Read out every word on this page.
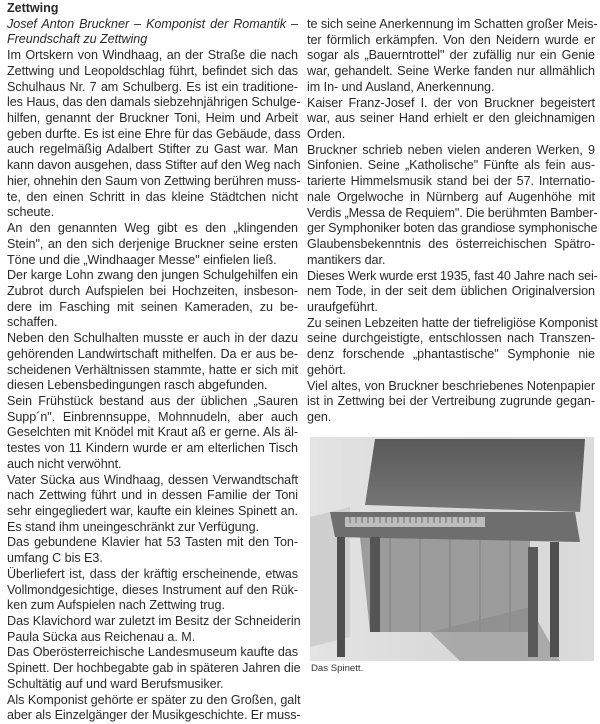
Zettwing
Josef Anton Bruckner – Komponist der Romantik –
Freundschaft zu Zettwing
Im Ortskern von Windhaag, an der Straße die nach
Zettwing und Leopoldschlag führt, befindet sich das
Schulhaus Nr. 7 am Schulberg. Es ist ein traditione-
les Haus, das den damals siebzehnjährigen Schulge-
hilfen, genannt der Bruckner Toni, Heim und Arbeit
geben durfte. Es ist eine Ehre für das Gebäude, dass
auch regelmäßig Adalbert Stifter zu Gast war. Man
kann davon ausgehen, dass Stifter auf den Weg nach
hier, ohnehin den Saum von Zettwing berühren muss-
te, den einen Schritt in das kleine Städtchen nicht
scheute.
An den genannten Weg gibt es den „klingenden
Stein", an den sich derjenige Bruckner seine ersten
Töne und die „Windhaager Messe" einfielen ließ.
Der karge Lohn zwang den jungen Schulgehilfen ein
Zubrot durch Aufspielen bei Hochzeiten, insbeson-
dere im Fasching mit seinen Kameraden, zu be-
schaffen.
Neben den Schulhalten musste er auch in der dazu
gehörenden Landwirtschaft mithelfen. Da er aus be-
scheidenen Verhältnissen stammte, hatte er sich mit
diesen Lebensbedingungen rasch abgefunden.
Sein Frühstück bestand aus der üblichen „Sauren
Supp´n". Einbrennsuppe, Mohnnudeln, aber auch
Geselchten mit Knödel mit Kraut aß er gerne. Als äl-
testes von 11 Kindern wurde er am elterlichen Tisch
auch nicht verwöhnt.
Vater Sücka aus Windhaag, dessen Verwandtschaft
nach Zettwing führt und in dessen Familie der Toni
sehr eingegliedert war, kaufte ein kleines Spinett an.
Es stand ihm uneingeschränkt zur Verfügung.
Das gebundene Klavier hat 53 Tasten mit den Ton-
umfang C bis E3.
Überliefert ist, dass der kräftig erscheinende, etwas
Vollmondgesichtige, dieses Instrument auf den Rük-
ken zum Aufspielen nach Zettwing trug.
Das Klavichord war zuletzt im Besitz der Schneiderin
Paula Sücka aus Reichenau a. M.
Das Oberösterreichische Landesmuseum kaufte das
Spinett. Der hochbegabte gab in späteren Jahren die
Schultätig auf und ward Berufsmusiker.
Als Komponist gehörte er später zu den Großen, galt
aber als Einzelgänger der Musikgeschichte. Er muss-
te sich seine Anerkennung im Schatten großer Meis-
ter förmlich erkämpfen. Von den Neidern wurde er
sogar als „Bauerntrottel" der zufällig nur ein Genie
war, gehandelt. Seine Werke fanden nur allmählich
im In- und Ausland, Anerkennung.
Kaiser Franz-Josef I. der von Bruckner begeistert
war, aus seiner Hand erhielt er den gleichnamigen
Orden.
Bruckner schrieb neben vielen anderen Werken, 9
Sinfonien. Seine „Katholische" Fünfte als fein aus-
tarierte Himmelsmusik stand bei der 57. Internatio-
nale Orgelwoche in Nürnberg auf Augenhöhe mit
Verdis „Messa de Requiem". Die berühmten Bamber-
ger Symphoniker boten das grandiose symphonische
Glaubensbekenntnis des österreichischen Spätro-
mantikers dar.
Dieses Werk wurde erst 1935, fast 40 Jahre nach sei-
nem Tode, in der seit dem üblichen Originalversion
uraufgeführt.
Zu seinen Lebzeiten hatte der tiefreligiöse Komponist
seine durchgeistigte, entschlossen nach Transzen-
denz forschende „phantastische" Symphonie nie
gehört.
Viel altes, von Bruckner beschriebenes Notenpapier
ist in Zettwing bei der Vertreibung zugrunde gegan-
gen.
Das Spinett.
